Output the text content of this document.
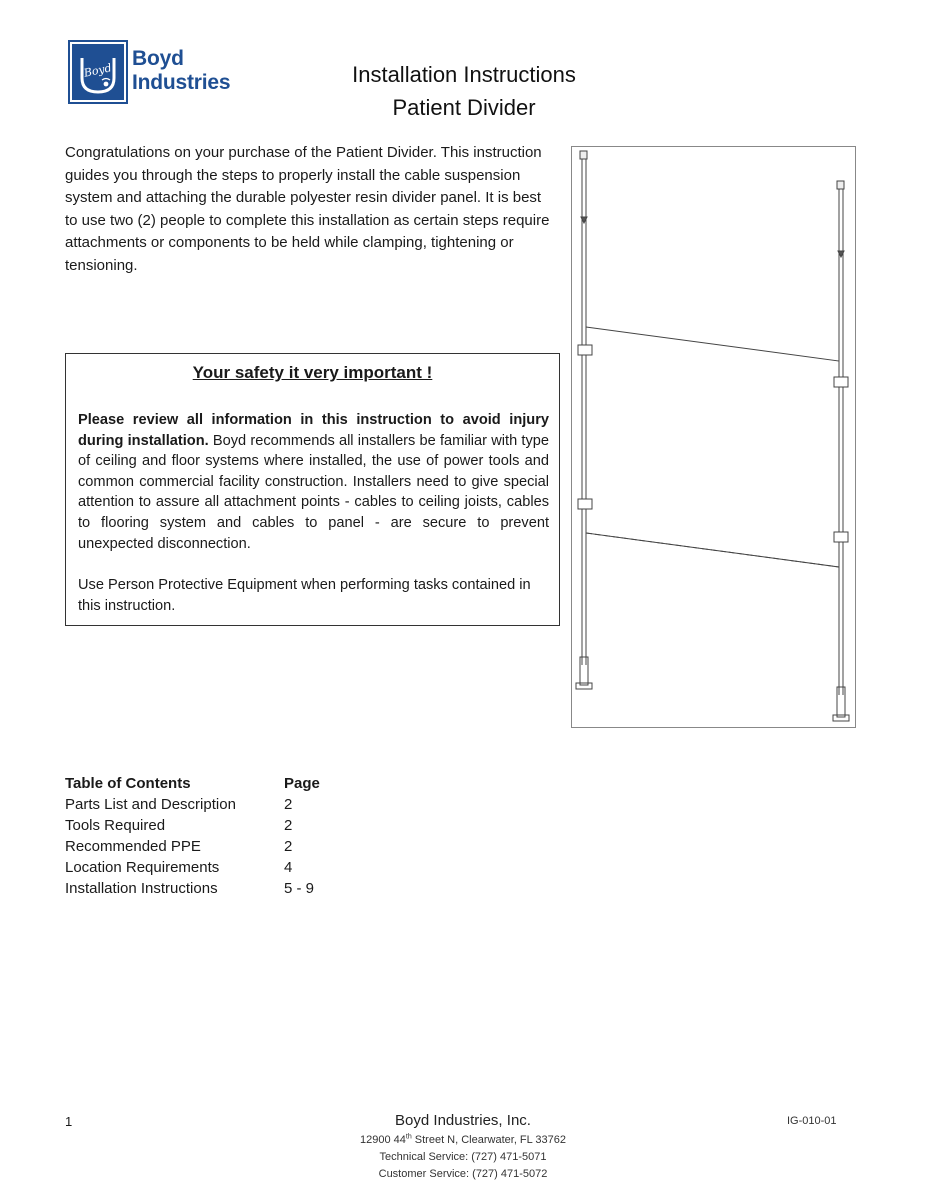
Boyd
Boyd
Industries	Installation Instructions
Patient Divider
Congratulations on your purchase of the Patient Divider. This instruction guides you through the steps to properly install the cable suspension system and attaching the durable polyester resin divider panel. It is best to use two (2) people to complete this installation as certain steps require attachments or components to be held while clamping, tightening or tensioning.
Your safety it very important !
Please review all information in this instruction to avoid injury during installation. Boyd recommends all installers be familiar with type of ceiling and floor systems where installed, the use of power tools and common commercial facility construction. Installers need to give special attention to assure all attachment points - cables to ceiling joists, cables to flooring system and cables to panel - are secure to prevent unexpected disconnection.
Use Person Protective Equipment when performing tasks contained in this instruction.
Table of Contents	Page
Parts List and Description	2
Tools Required	2
Recommended PPE	2
Location Requirements	4
Installation Instructions	5 - 9
1	IG-010-01
Boyd Industries, Inc.
12900 44th Street N, Clearwater, FL 33762
Technical Service: (727) 471-5071
Customer Service: (727) 471-5072
